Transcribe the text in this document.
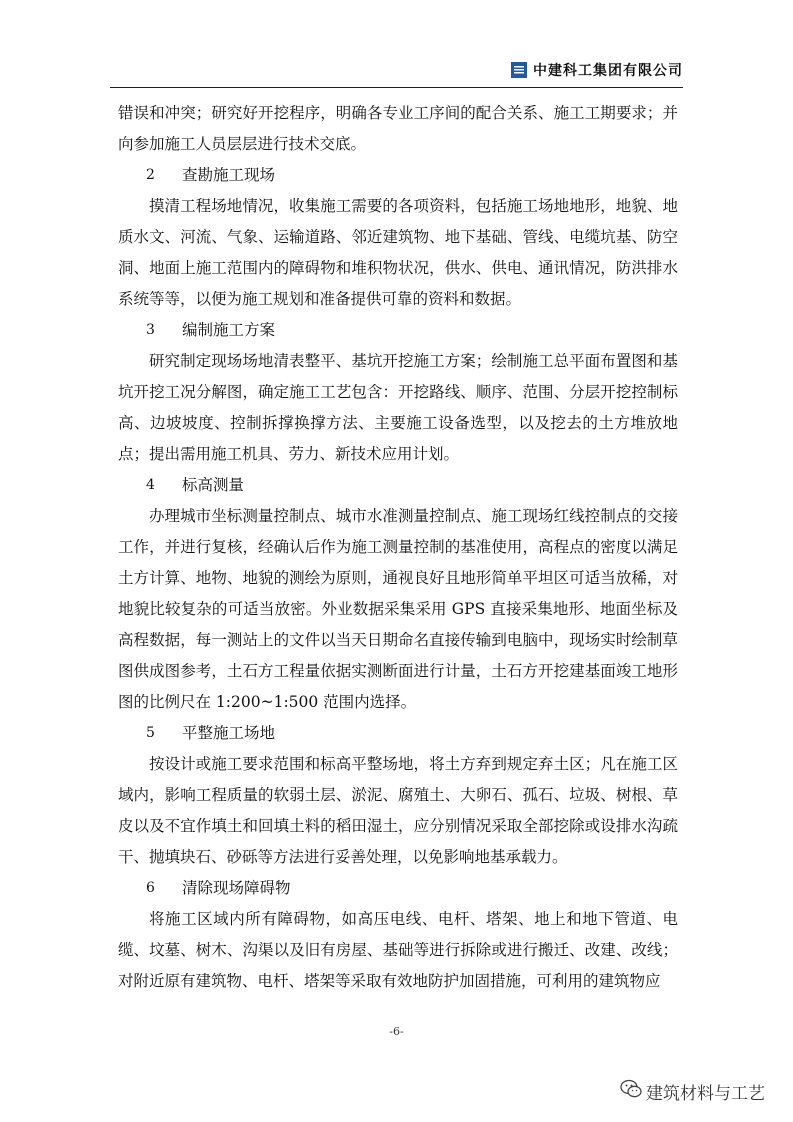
中建科工集团有限公司

错误和冲突；研究好开挖程序，明确各专业工序间的配合关系、施工工期要求；并向参加施工人员层层进行技术交底。

2	查勘施工现场

摸清工程场地情况，收集施工需要的各项资料，包括施工场地地形，地貌、地质水文、河流、气象、运输道路、邻近建筑物、地下基础、管线、电缆坑基、防空洞、地面上施工范围内的障碍物和堆积物状况，供水、供电、通讯情况，防洪排水系统等等，以便为施工规划和准备提供可靠的资料和数据。

3	编制施工方案

研究制定现场场地清表整平、基坑开挖施工方案；绘制施工总平面布置图和基坑开挖工况分解图，确定施工工艺包含：开挖路线、顺序、范围、分层开挖控制标高、边坡坡度、控制拆撑换撑方法、主要施工设备选型，以及挖去的土方堆放地点；提出需用施工机具、劳力、新技术应用计划。

4	标高测量

办理城市坐标测量控制点、城市水准测量控制点、施工现场红线控制点的交接工作，并进行复核，经确认后作为施工测量控制的基准使用，高程点的密度以满足土方计算、地物、地貌的测绘为原则，通视良好且地形简单平坦区可适当放稀，对地貌比较复杂的可适当放密。外业数据采集采用 GPS 直接采集地形、地面坐标及高程数据，每一测站上的文件以当天日期命名直接传输到电脑中，现场实时绘制草图供成图参考，土石方工程量依据实测断面进行计量，土石方开挖建基面竣工地形图的比例尺在 1:200~1:500 范围内选择。

5	平整施工场地

按设计或施工要求范围和标高平整场地，将土方弃到规定弃土区；凡在施工区域内，影响工程质量的软弱土层、淤泥、腐殖土、大卵石、孤石、垃圾、树根、草皮以及不宜作填土和回填土料的稻田湿土，应分别情况采取全部挖除或设排水沟疏干、抛填块石、砂砾等方法进行妥善处理，以免影响地基承载力。

6	清除现场障碍物

将施工区域内所有障碍物，如高压电线、电杆、塔架、地上和地下管道、电缆、坟墓、树木、沟渠以及旧有房屋、基础等进行拆除或进行搬迁、改建、改线；对附近原有建筑物、电杆、塔架等采取有效地防护加固措施，可利用的建筑物应

-6-
建筑材料与工艺
